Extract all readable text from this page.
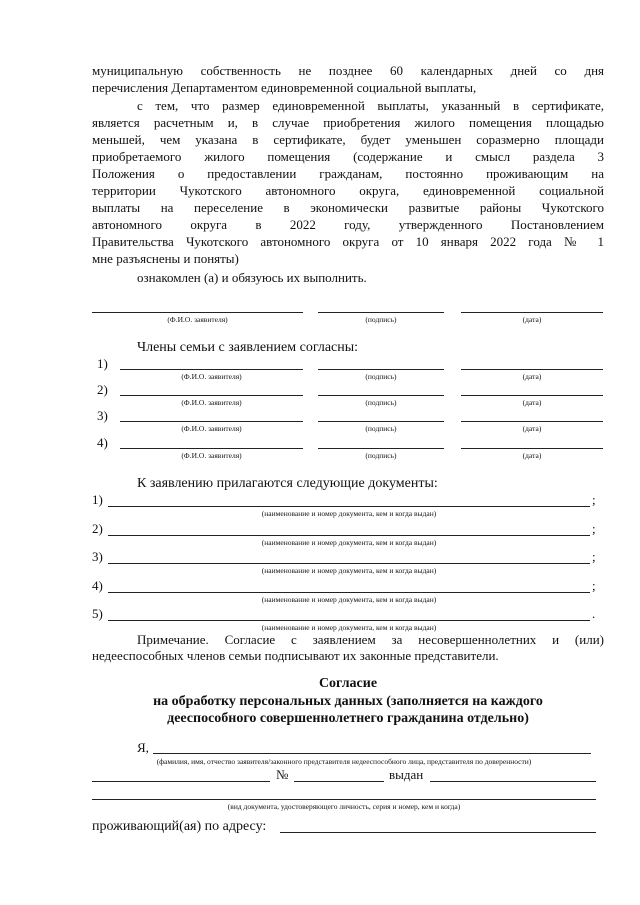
муниципальную собственность не позднее 60 календарных дней со дня
перечисления Департаментом единовременной социальной выплаты,
с тем, что размер единовременной выплаты, указанный в сертификате,
является расчетным и, в случае приобретения жилого помещения площадью
меньшей, чем указана в сертификате, будет уменьшен соразмерно площади
приобретаемого жилого помещения (содержание и смысл раздела 3
Положения о предоставлении гражданам, постоянно проживающим на
территории Чукотского автономного округа, единовременной социальной
выплаты на переселение в экономически развитые районы Чукотского
автономного округа в 2022 году, утвержденного Постановлением
Правительства Чукотского автономного округа от 10 января 2022 года № 1
мне разъяснены и поняты)
ознакомлен (а) и обязуюсь их выполнить.
(Ф.И.О. заявителя)	(подпись)	(дата)
Члены семьи с заявлением согласны:
1)
(Ф.И.О. заявителя)	(подпись)	(дата)
2)
(Ф.И.О. заявителя)	(подпись)	(дата)
3)
(Ф.И.О. заявителя)	(подпись)	(дата)
4)
(Ф.И.О. заявителя)	(подпись)	(дата)
К заявлению прилагаются следующие документы:
1)	;
(наименование и номер документа, кем и когда выдан)
2)	;
(наименование и номер документа, кем и когда выдан)
3)	;
(наименование и номер документа, кем и когда выдан)
4)	;
(наименование и номер документа, кем и когда выдан)
5)	.
(наименование и номер документа, кем и когда выдан)
Примечание. Согласие с заявлением за несовершеннолетних и (или)
недееспособных членов семьи подписывают их законные представители.
Согласие
на обработку персональных данных (заполняется на каждого
дееспособного совершеннолетнего гражданина отдельно)
Я,
(фамилия, имя, отчество заявителя/законного представителя недееспособного лица, представителя по доверенности)
№	выдан
(вид документа, удостоверяющего личность, серия и номер, кем и когда)
проживающий(ая) по адресу:
